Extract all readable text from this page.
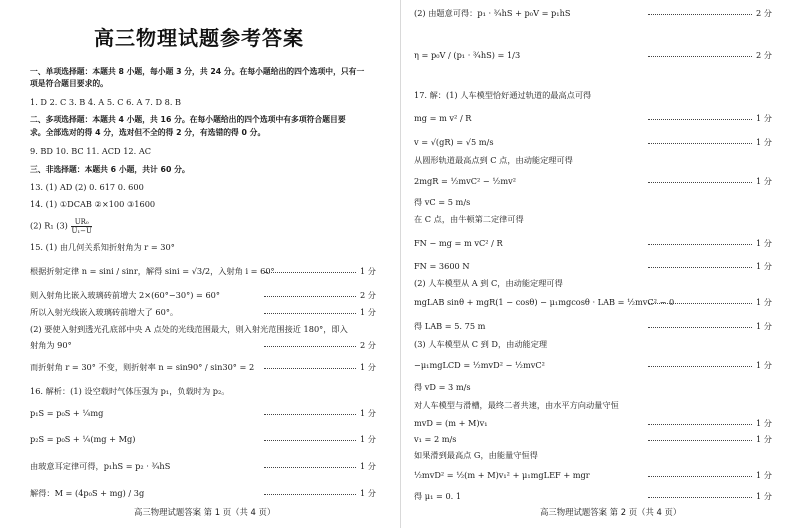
高三物理试题参考答案
一、单项选择题：本题共 8 小题，每小题 3 分，共 24 分。在每小题给出的四个选项中，只有一
项是符合题目要求的。
1. D 2. C 3. B 4. A 5. C 6. A 7. D 8. B
二、多项选择题：本题共 4 小题，共 16 分。在每小题给出的四个选项中有多项符合题目要
求。全部选对的得 4 分，选对但不全的得 2 分，有选错的得 0 分。
9. BD 10. BC 11. ACD 12. AC
三、非选择题：本题共 6 小题，共计 60 分。
13. (1) AD (2) 0. 617 0. 600
14. (1) ①DCAB ②×100 ③1600
(2) R₁ $(3) \frac{\text{UR₀}}{\text{U₁−U}}$
15. (1) 由几何关系知折射角为 r = 30°
根据折射定律 n = sini / sinr，解得 sini = √3/2，入射角 i = 60°
则入射角比嵌入玻璃砖前增大 2×(60°−30°) = 60°
所以入射光线嵌入玻璃砖前增大了 60°。
(2) 要使入射到透光孔底部中央 A 点处的光线范围最大，则入射光范围接近 180°，即入
射角为 90°
而折射角 r = 30° 不变，则折射率 n = sin90° / sin30° = 2
16. 解析：(1) 设空载时气体压强为 p₁，负载时为 p₂。
p₁S = p₀S + ¼mg
p₂S = p₀S + ¼(mg + Mg)
由玻意耳定律可得，p₁hS = p₂ · ¾hS
解得：M = (4p₀S + mg) / 3g
1 分
2 分
1 分
2 分
1 分
1 分
1 分
1 分
1 分
高三物理试题答案 第 1 页（共 4 页）
(2) 由题意可得：p₁ · ¾hS + p₀V = p₁hS
η = p₀V / (p₁ · ¾hS) = 1/3
17. 解：(1) 人车模型恰好通过轨道的最高点可得
mg = m v² / R
v = √(gR) = √5 m/s
从圆形轨道最高点到 C 点，由动能定理可得
2mgR = ½mvC² − ½mv²
得 vC = 5 m/s
在 C 点，由牛顿第二定律可得
FN − mg = m vC² / R
FN = 3600 N
(2) 人车模型从 A 到 C，由动能定理可得
mgLAB sinθ + mgR(1 − cosθ) − μ₁mgcosθ · LAB = ½mvC² − 0
得 LAB = 5. 75 m
(3) 人车模型从 C 到 D，由动能定理
−μ₁mgLCD = ½mvD² − ½mvC²
得 vD = 3 m/s
对人车模型与滑槽，最终二者共速，由水平方向动量守恒
mvD = (m + M)v₁
v₁ = 2 m/s
如果滑到最高点 G，由能量守恒得
½mvD² = ½(m + M)v₁² + μ₁mgLEF + mgr
得 μ₁ = 0. 1
2 分
2 分
1 分
1 分
1 分
1 分
1 分
1 分
1 分
1 分
1 分
1 分
1 分
1 分
高三物理试题答案 第 2 页（共 4 页）
